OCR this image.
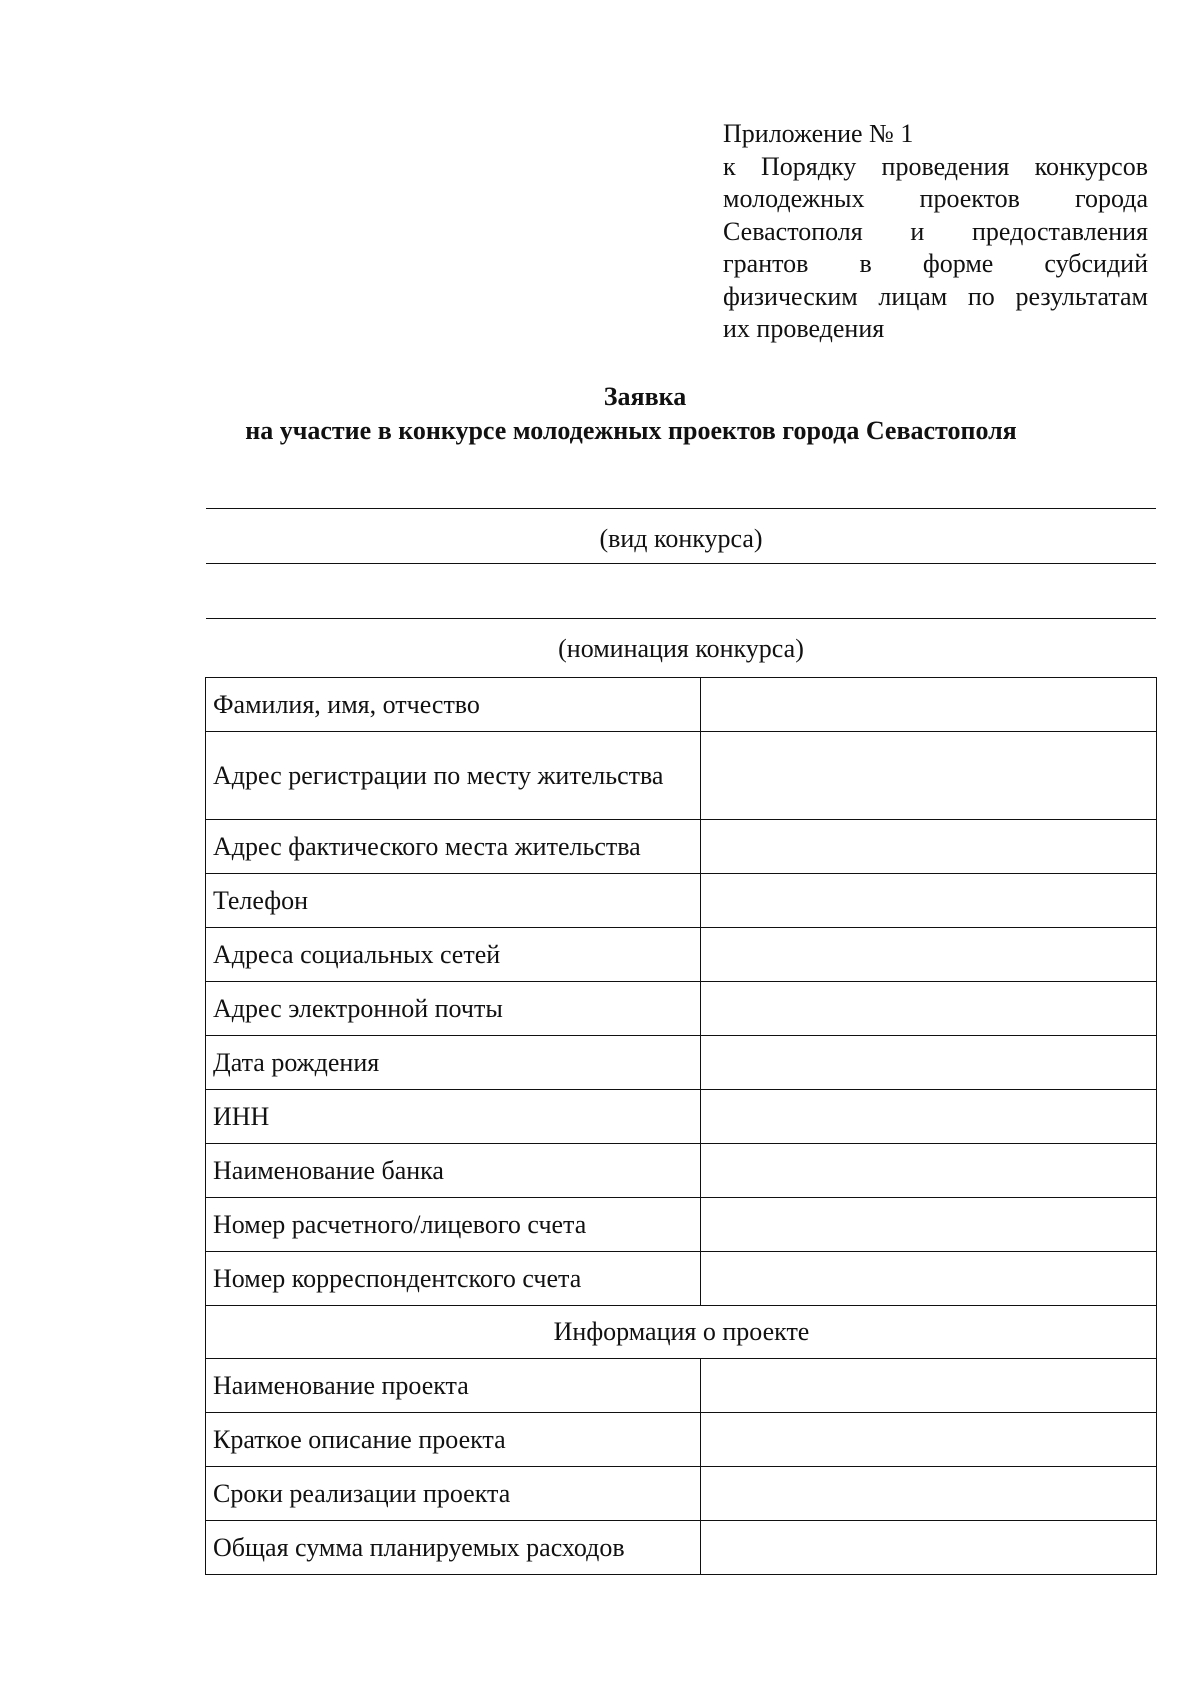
Приложение № 1
к Порядку проведения конкурсов
молодежных проектов города
Севастополя и предоставления
грантов в форме субсидий
физическим лицам по результатам
их проведения
Заявка
на участие в конкурсе молодежных проектов города Севастополя
(вид конкурса)
(номинация конкурса)
Фамилия, имя, отчество	
Адрес регистрации по месту жительства	
Адрес фактического места жительства	
Телефон	
Адреса социальных сетей	
Адрес электронной почты	
Дата рождения	
ИНН	
Наименование банка	
Номер расчетного/лицевого счета	
Номер корреспондентского счета	
Информация о проекте	
Наименование проекта	
Краткое описание проекта	
Сроки реализации проекта	
Общая сумма планируемых расходов	
